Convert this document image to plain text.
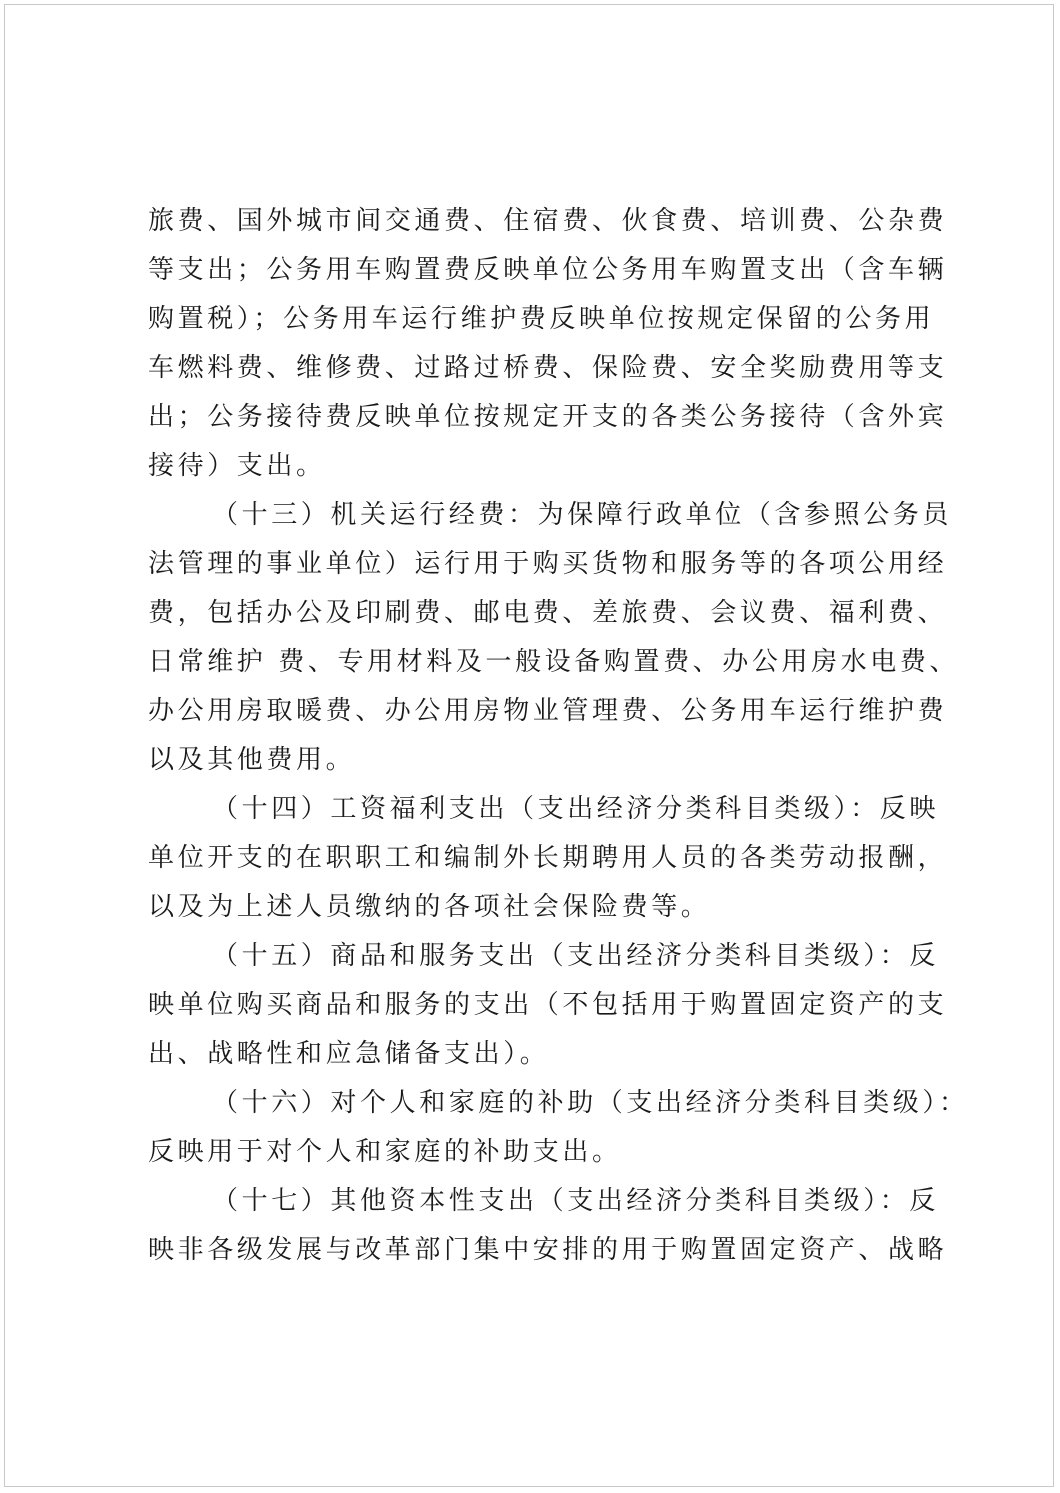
旅费、国外城市间交通费、住宿费、伙食费、培训费、公杂费
等支出；公务用车购置费反映单位公务用车购置支出（含车辆
购置税）；公务用车运行维护费反映单位按规定保留的公务用
车燃料费、维修费、过路过桥费、保险费、安全奖励费用等支
出；公务接待费反映单位按规定开支的各类公务接待（含外宾
接待）支出。
（十三）机关运行经费：为保障行政单位（含参照公务员
法管理的事业单位）运行用于购买货物和服务等的各项公用经
费，包括办公及印刷费、邮电费、差旅费、会议费、福利费、
日常维护 费、专用材料及一般设备购置费、办公用房水电费、
办公用房取暖费、办公用房物业管理费、公务用车运行维护费
以及其他费用。
（十四）工资福利支出（支出经济分类科目类级）：反映
单位开支的在职职工和编制外长期聘用人员的各类劳动报酬，
以及为上述人员缴纳的各项社会保险费等。
（十五）商品和服务支出（支出经济分类科目类级）：反
映单位购买商品和服务的支出（不包括用于购置固定资产的支
出、战略性和应急储备支出）。
（十六）对个人和家庭的补助（支出经济分类科目类级）：
反映用于对个人和家庭的补助支出。
（十七）其他资本性支出（支出经济分类科目类级）：反
映非各级发展与改革部门集中安排的用于购置固定资产、战略
